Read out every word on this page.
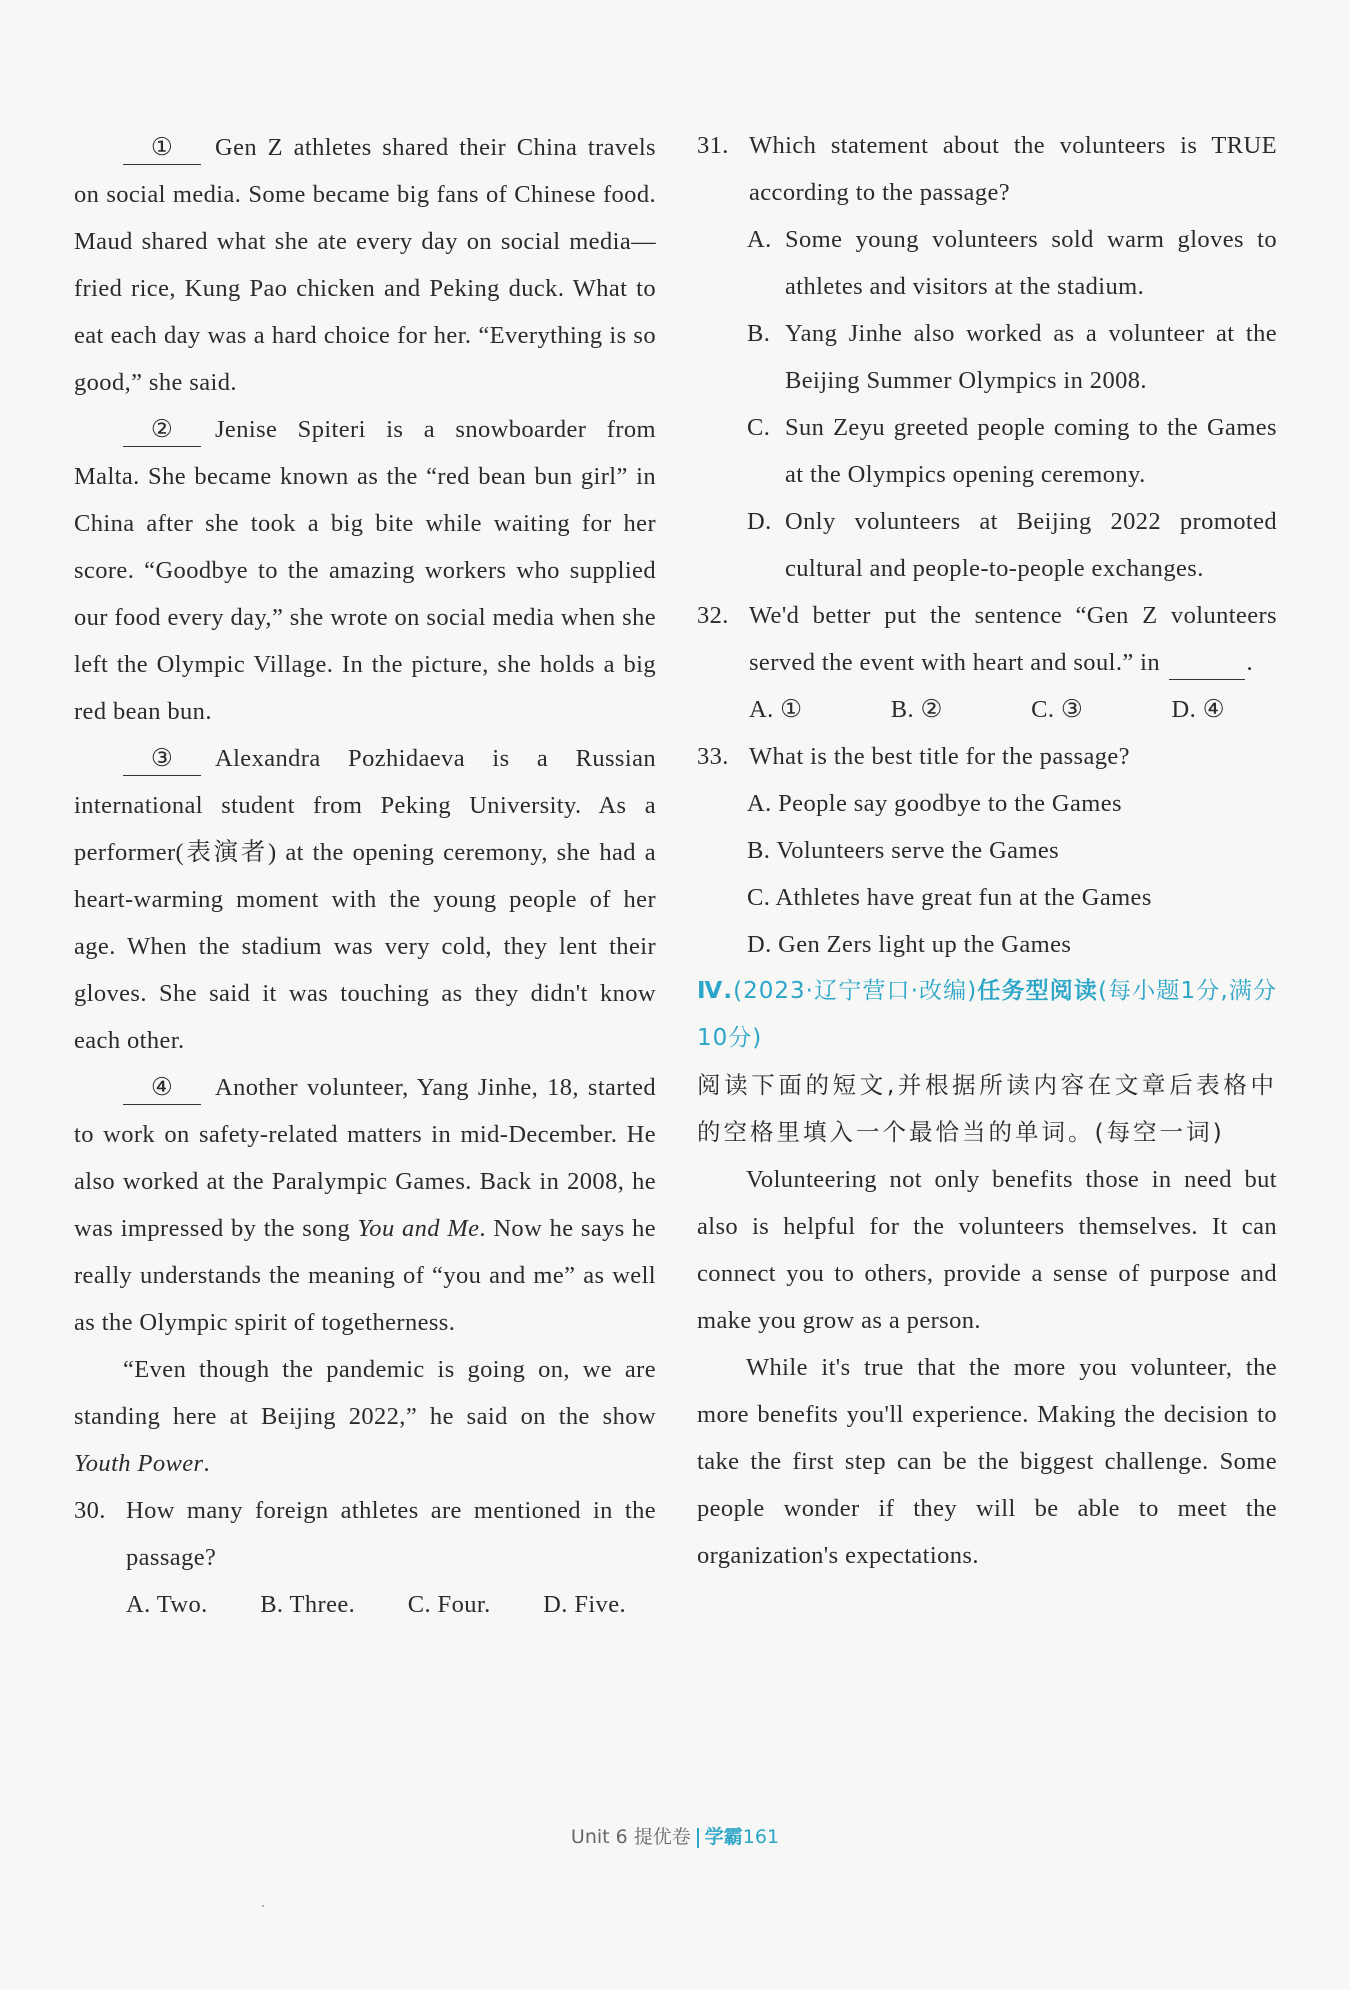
① Gen Z athletes shared their China travels on social media. Some became big fans of Chinese food. Maud shared what she ate every day on social media—fried rice, Kung Pao chicken and Peking duck. What to eat each day was a hard choice for her. “Everything is so good,” she said.

② Jenise Spiteri is a snowboarder from Malta. She became known as the “red bean bun girl” in China after she took a big bite while waiting for her score. “Goodbye to the amazing workers who supplied our food every day,” she wrote on social media when she left the Olympic Village. In the picture, she holds a big red bean bun.

③ Alexandra Pozhidaeva is a Russian international student from Peking University. As a performer(表演者) at the opening ceremony, she had a heart-warming moment with the young people of her age. When the stadium was very cold, they lent their gloves. She said it was touching as they didn't know each other.

④ Another volunteer, Yang Jinhe, 18, started to work on safety-related matters in mid-December. He also worked at the Paralympic Games. Back in 2008, he was impressed by the song You and Me. Now he says he really understands the meaning of “you and me” as well as the Olympic spirit of togetherness.

“Even though the pandemic is going on, we are standing here at Beijing 2022,” he said on the show Youth Power.

30. How many foreign athletes are mentioned in the passage?

A. Two. B. Three. C. Four. D. Five.

31. Which statement about the volunteers is TRUE according to the passage?

A. Some young volunteers sold warm gloves to athletes and visitors at the stadium.

B. Yang Jinhe also worked as a volunteer at the Beijing Summer Olympics in 2008.

C. Sun Zeyu greeted people coming to the Games at the Olympics opening ceremony.

D. Only volunteers at Beijing 2022 promoted cultural and people-to-people exchanges.

32. We'd better put the sentence “Gen Z volunteers served the event with heart and soul.” in	.

A. ①	B. ②	C. ③	D. ④

33. What is the best title for the passage?

A. People say goodbye to the Games

B. Volunteers serve the Games

C. Athletes have great fun at the Games

D. Gen Zers light up the Games

Ⅳ.(2023·辽宁营口·改编)任务型阅读(每小题1分,满分10分)

阅读下面的短文,并根据所读内容在文章后表格中的空格里填入一个最恰当的单词。(每空一词)

Volunteering not only benefits those in need but also is helpful for the volunteers themselves. It can connect you to others, provide a sense of purpose and make you grow as a person.

While it's true that the more you volunteer, the more benefits you'll experience. Making the decision to take the first step can be the biggest challenge. Some people wonder if they will be able to meet the organization's expectations.

Unit 6 提优卷 学霸161
